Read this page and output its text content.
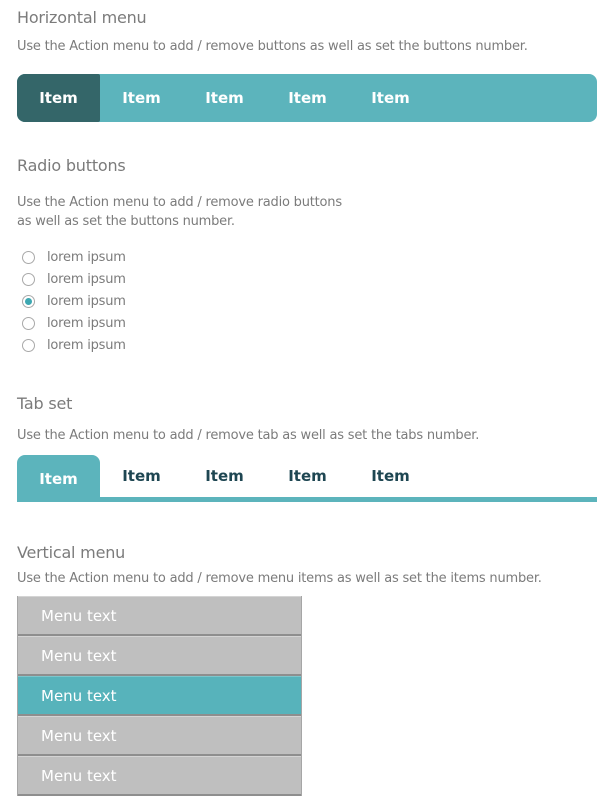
Horizontal menu
Use the Action menu to add / remove buttons as well as set the buttons number.
Item	Item	Item	Item	Item
Radio buttons
Use the Action menu to add / remove radio buttons
as well as set the buttons number.
lorem ipsum
lorem ipsum
lorem ipsum
lorem ipsum
lorem ipsum
Tab set
Use the Action menu to add / remove tab as well as set the tabs number.
Item	Item	Item	Item	Item
Vertical menu
Use the Action menu to add / remove menu items as well as set the items number.
Menu text
Menu text
Menu text
Menu text
Menu text
